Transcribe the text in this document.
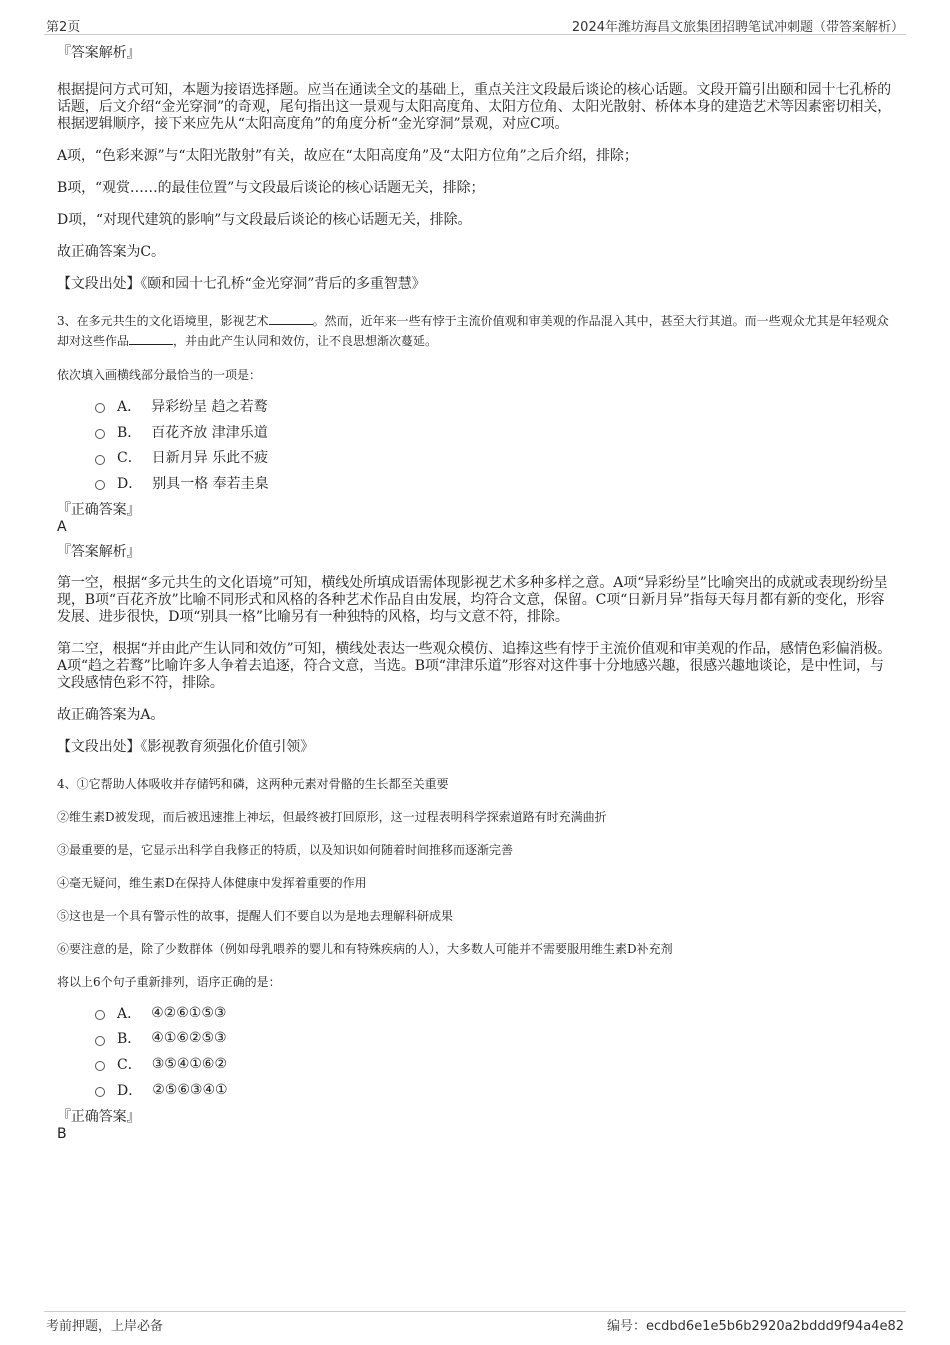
第2页	2024年潍坊海昌文旅集团招聘笔试冲刺题（带答案解析）
『答案解析』

根据提问方式可知，本题为接语选择题。应当在通读全文的基础上，重点关注文段最后谈论的核心话题。文段开篇引出颐和园十七孔桥的话题，后文介绍“金光穿洞”的奇观，尾句指出这一景观与太阳高度角、太阳方位角、太阳光散射、桥体本身的建造艺术等因素密切相关，根据逻辑顺序，接下来应先从“太阳高度角”的角度分析“金光穿洞”景观，对应C项。

A项，“色彩来源”与“太阳光散射”有关，故应在“太阳高度角”及“太阳方位角”之后介绍，排除；

B项，“观赏……的最佳位置”与文段最后谈论的核心话题无关，排除；

D项，“对现代建筑的影响”与文段最后谈论的核心话题无关，排除。

故正确答案为C。

【文段出处】《颐和园十七孔桥“金光穿洞”背后的多重智慧》

3、在多元共生的文化语境里，影视艺术	。然而，近年来一些有悖于主流价值观和审美观的作品混入其中，甚至大行其道。而一些观众尤其是年轻观众却对这些作品	，并由此产生认同和效仿，让不良思想渐次蔓延。

依次填入画横线部分最恰当的一项是：

A． 异彩纷呈 趋之若鹜
B． 百花齐放 津津乐道
C． 日新月异 乐此不疲
D． 别具一格 奉若圭臬
『正确答案』
A
『答案解析』

第一空，根据“多元共生的文化语境”可知，横线处所填成语需体现影视艺术多种多样之意。A项“异彩纷呈”比喻突出的成就或表现纷纷呈现，B项“百花齐放”比喻不同形式和风格的各种艺术作品自由发展，均符合文意，保留。C项“日新月异”指每天每月都有新的变化，形容发展、进步很快，D项“别具一格”比喻另有一种独特的风格，均与文意不符，排除。

第二空，根据“并由此产生认同和效仿”可知，横线处表达一些观众模仿、追捧这些有悖于主流价值观和审美观的作品，感情色彩偏消极。A项“趋之若鹜”比喻许多人争着去追逐，符合文意，当选。B项“津津乐道”形容对这件事十分地感兴趣，很感兴趣地谈论，是中性词，与文段感情色彩不符，排除。

故正确答案为A。

【文段出处】《影视教育须强化价值引领》

4、①它帮助人体吸收并存储钙和磷，这两种元素对骨骼的生长都至关重要

②维生素D被发现，而后被迅速推上神坛，但最终被打回原形，这一过程表明科学探索道路有时充满曲折

③最重要的是，它显示出科学自我修正的特质，以及知识如何随着时间推移而逐渐完善

④毫无疑问，维生素D在保持人体健康中发挥着重要的作用

⑤这也是一个具有警示性的故事，提醒人们不要自以为是地去理解科研成果

⑥要注意的是，除了少数群体（例如母乳喂养的婴儿和有特殊疾病的人），大多数人可能并不需要服用维生素D补充剂

将以上6个句子重新排列，语序正确的是：

A． ④②⑥①⑤③
B． ④①⑥②⑤③
C． ③⑤④①⑥②
D． ②⑤⑥③④①
『正确答案』
B
考前押题，上岸必备	编号：ecdbd6e1e5b6b2920a2bddd9f94a4e82
